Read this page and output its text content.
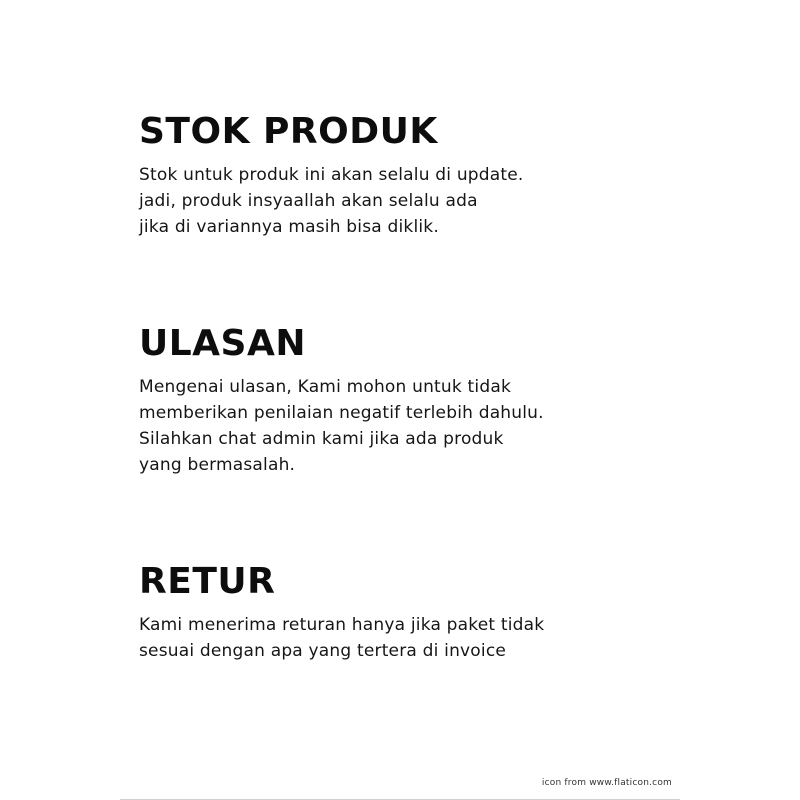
STOK PRODUK

Stok untuk produk ini akan selalu di update.
jadi, produk insyaallah akan selalu ada
jika di variannya masih bisa diklik.

ULASAN

Mengenai ulasan, Kami mohon untuk tidak
memberikan penilaian negatif terlebih dahulu.
Silahkan chat admin kami jika ada produk
yang bermasalah.

RETUR

Kami menerima returan hanya jika paket tidak
sesuai dengan apa yang tertera di invoice

icon from www.flaticon.com
